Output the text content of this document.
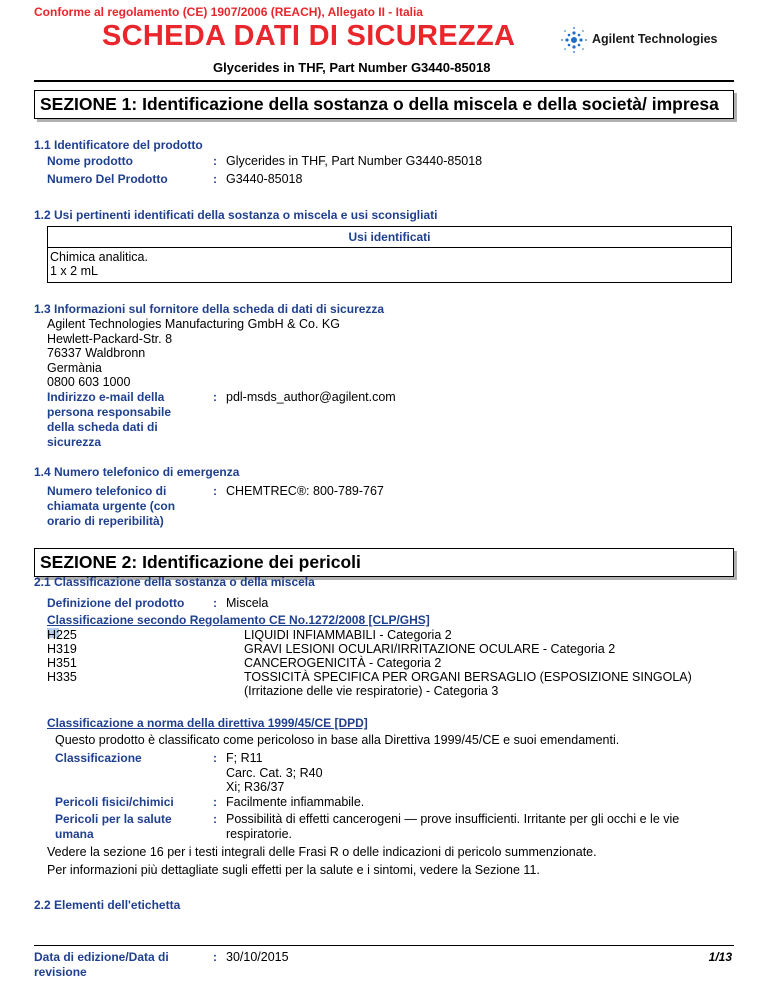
Conforme al regolamento (CE) 1907/2006 (REACH), Allegato II - Italia
SCHEDA DATI DI SICUREZZA	Agilent Technologies
Glycerides in THF, Part Number G3440-85018
SEZIONE 1: Identificazione della sostanza o della miscela e della società/ impresa
1.1 Identificatore del prodotto
Nome prodotto	: Glycerides in THF, Part Number G3440-85018
Numero Del Prodotto	: G3440-85018
1.2 Usi pertinenti identificati della sostanza o miscela e usi sconsigliati
Usi identificati
Chimica analitica.
1 x 2 mL
1.3 Informazioni sul fornitore della scheda di dati di sicurezza
Agilent Technologies Manufacturing GmbH & Co. KG
Hewlett-Packard-Str. 8
76337 Waldbronn
Germània
0800 603 1000
Indirizzo e-mail della
persona responsabile
della scheda dati di
sicurezza
: pdl-msds_author@agilent.com
1.4 Numero telefonico di emergenza
Numero telefonico di
chiamata urgente (con
orario di reperibilità)
: CHEMTREC®: 800-789-767
SEZIONE 2: Identificazione dei pericoli
2.1 Classificazione della sostanza o della miscela
Definizione del prodotto : Miscela
Classificazione secondo Regolamento CE No.1272/2008 [CLP/GHS]
H225	LIQUIDI INFIAMMABILI - Categoria 2
H319	GRAVI LESIONI OCULARI/IRRITAZIONE OCULARE - Categoria 2
H351	CANCEROGENICITÀ - Categoria 2
H335	TOSSICITÀ SPECIFICA PER ORGANI BERSAGLIO (ESPOSIZIONE SINGOLA)
(Irritazione delle vie respiratorie) - Categoria 3
Classificazione a norma della direttiva 1999/45/CE [DPD]
Questo prodotto è classificato come pericoloso in base alla Direttiva 1999/45/CE e suoi emendamenti.
Classificazione	: F; R11
Carc. Cat. 3; R40
Xi; R36/37
Pericoli fisici/chimici	: Facilmente infiammabile.
Pericoli per la salute
umana
: Possibilità di effetti cancerogeni — prove insufficienti. Irritante per gli occhi e le vie
respiratorie.
Vedere la sezione 16 per i testi integrali delle Frasi R o delle indicazioni di pericolo summenzionate.
Per informazioni più dettagliate sugli effetti per la salute e i sintomi, vedere la Sezione 11.
2.2 Elementi dell'etichetta
Data di edizione/Data di
revisione
: 30/10/2015	1/13
